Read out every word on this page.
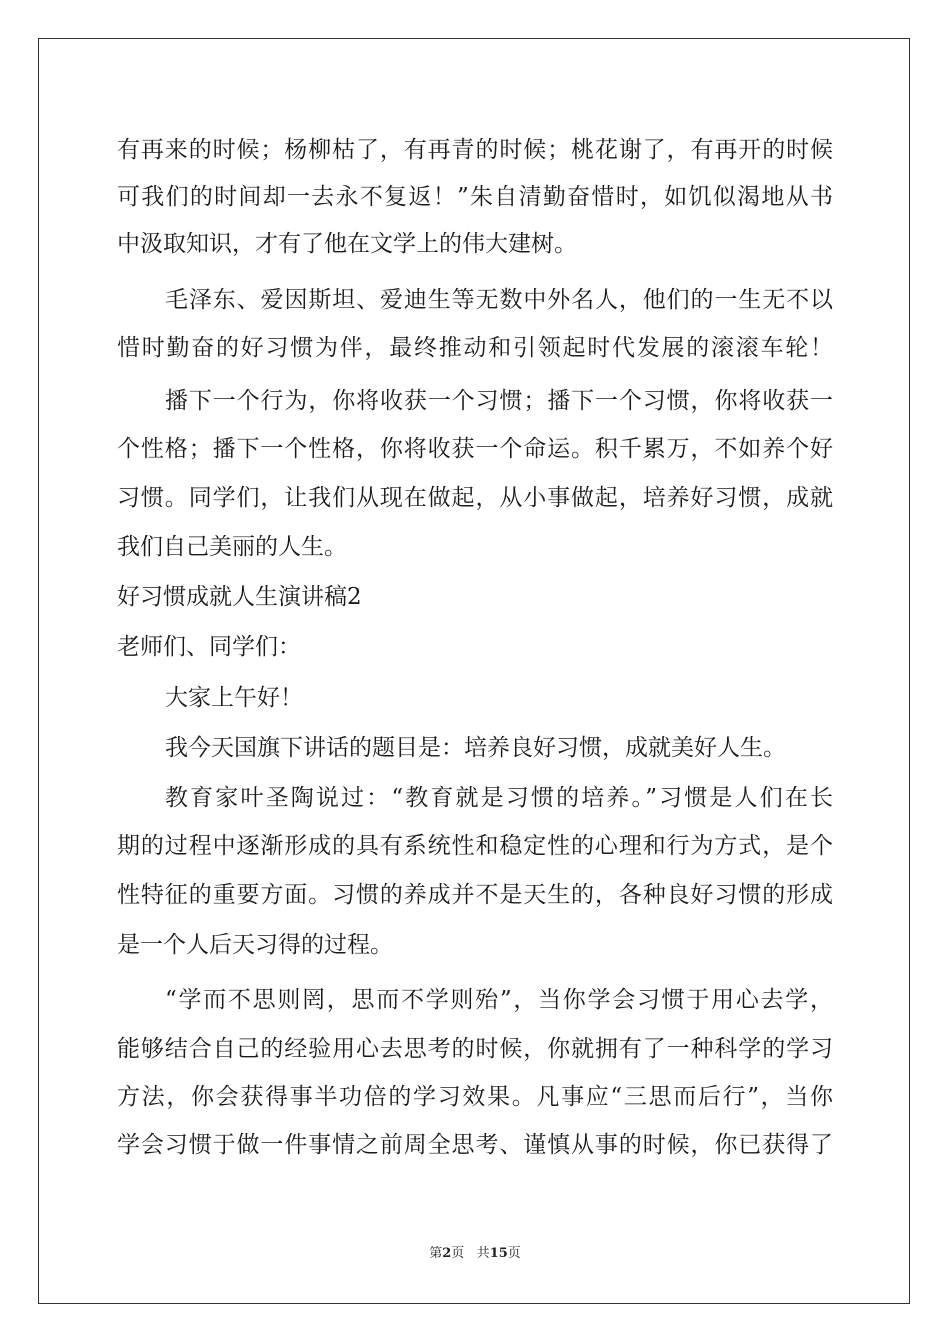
有再来的时候；杨柳枯了，有再青的时候；桃花谢了，有再开的时候
可我们的时间却一去永不复返！”朱自清勤奋惜时，如饥似渴地从书
中汲取知识，才有了他在文学上的伟大建树。
毛泽东、爱因斯坦、爱迪生等无数中外名人，他们的一生无不以
惜时勤奋的好习惯为伴，最终推动和引领起时代发展的滚滚车轮！
播下一个行为，你将收获一个习惯；播下一个习惯，你将收获一
个性格；播下一个性格，你将收获一个命运。积千累万，不如养个好
习惯。同学们，让我们从现在做起，从小事做起，培养好习惯，成就
我们自己美丽的人生。
好习惯成就人生演讲稿2
老师们、同学们：
大家上午好！
我今天国旗下讲话的题目是：培养良好习惯，成就美好人生。
教育家叶圣陶说过：“教育就是习惯的培养。”习惯是人们在长
期的过程中逐渐形成的具有系统性和稳定性的心理和行为方式，是个
性特征的重要方面。习惯的养成并不是天生的，各种良好习惯的形成
是一个人后天习得的过程。
“学而不思则罔，思而不学则殆”，当你学会习惯于用心去学，
能够结合自己的经验用心去思考的时候，你就拥有了一种科学的学习
方法，你会获得事半功倍的学习效果。凡事应“三思而后行”，当你
学会习惯于做一件事情之前周全思考、谨慎从事的时候，你已获得了
第2页 共15页
